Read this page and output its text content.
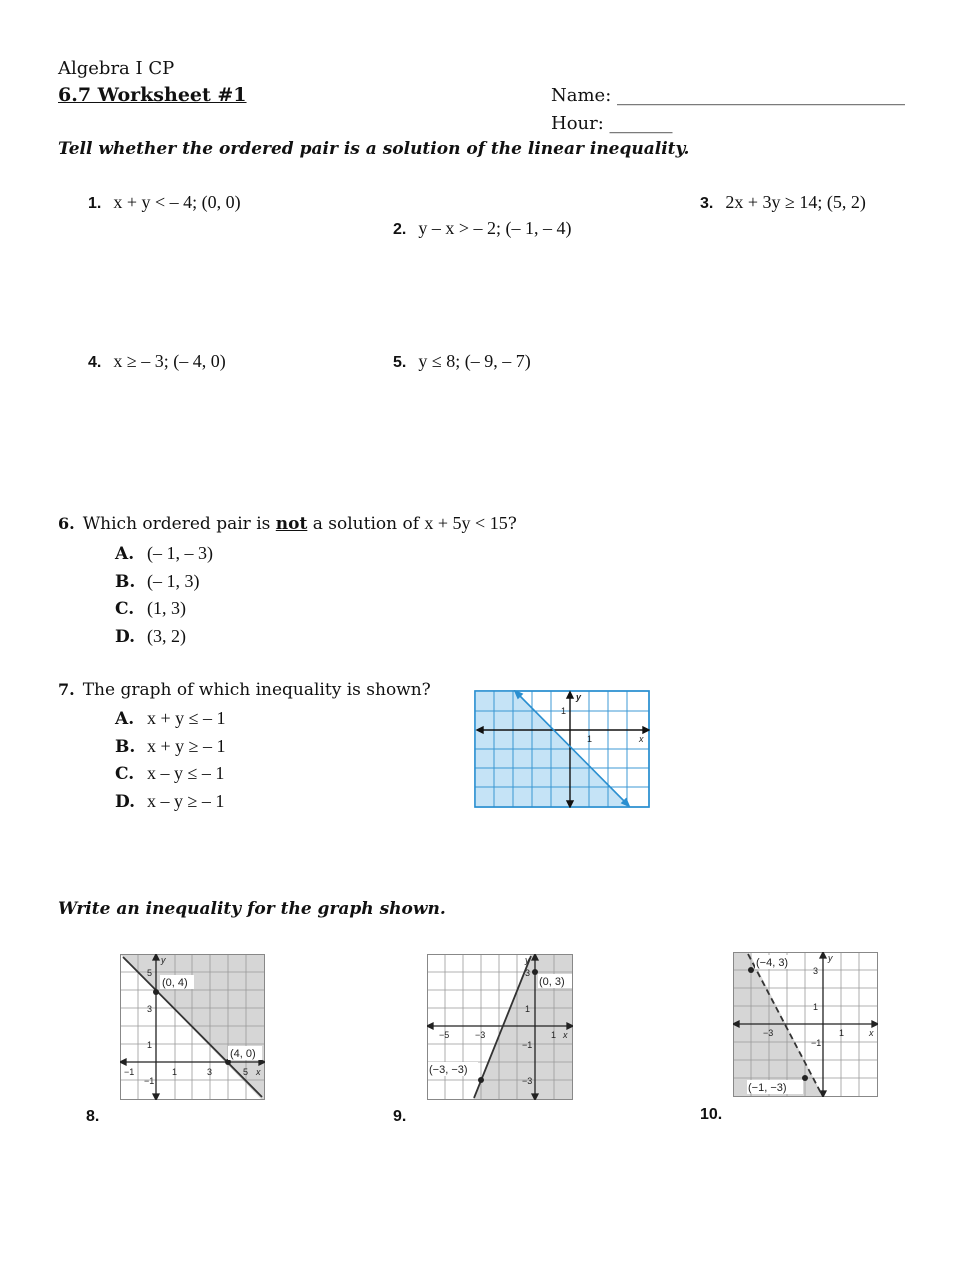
Algebra I CP
6.7 Worksheet #1	Name: ________________________________
Hour: _______
Tell whether the ordered pair is a solution of the linear inequality.
1. x + y < – 4; (0, 0)
2. y – x > – 2; (– 1, – 4)
3. 2x + 3y ≥ 14; (5, 2)
4. x ≥ – 3; (– 4, 0)	5. y ≤ 8; (– 9, – 7)
6. Which ordered pair is not a solution of x + 5y < 15?
A. (– 1, – 3)
B. (– 1, 3)
C. (1, 3)
D. (3, 2)
7. The graph of which inequality is shown?
A. x + y ≤ – 1
B. x + y ≥ – 1
C. x – y ≤ – 1
D. x – y ≥ – 1
y
x
1
1
Write an inequality for the graph shown.
y
x
(0, 4)
(4, 0)
−1	1	3	5
5
3
1
−1
8.
y
x
(0, 3)
(−3, −3)
−5	−3	1
3
1
−1
−3
9.
y
x
(−4, 3)
(−1, −3)
−3	1
3
1
−1
10.
